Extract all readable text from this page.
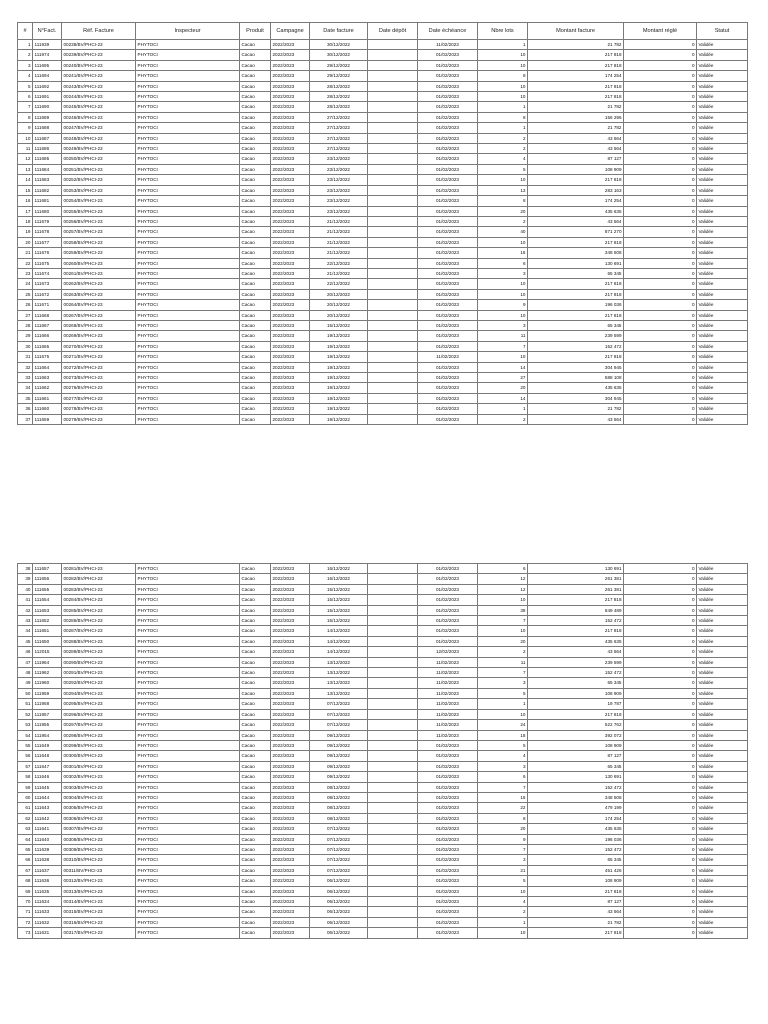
#	N°Fact.	Réf. Facture	Inspecteur	Produit	Campagne	Date facture	Date dépôt	Date échéance	Nbre lots	Montant facture	Montant réglé	Statut
1	111939	00238/BV/PHCI-23	PHYTOCI	Cacao	2022/2023	30/12/2022		11/02/2023	1	21 782	0	Validée
2	111974	00239/BV/PHCI-23	PHYTOCI	Cacao	2022/2023	30/12/2022		01/02/2023	10	217 818	0	Validée
3	111695	00240/BV/PHCI-23	PHYTOCI	Cacao	2022/2023	29/12/2022		01/02/2023	10	217 818	0	Validée
4	111694	00241/BV/PHCI-23	PHYTOCI	Cacao	2022/2023	29/12/2022		01/02/2023	8	174 254	0	Validée
5	111692	00243/BV/PHCI-23	PHYTOCI	Cacao	2022/2023	28/12/2022		01/02/2023	10	217 818	0	Validée
6	111691	00244/BV/PHCI-23	PHYTOCI	Cacao	2022/2023	28/12/2022		01/02/2023	10	217 818	0	Validée
7	111690	00245/BV/PHCI-23	PHYTOCI	Cacao	2022/2023	28/12/2022		01/02/2023	1	21 782	0	Validée
8	111689	00246/BV/PHCI-23	PHYTOCI	Cacao	2022/2023	27/12/2022		01/02/2023	8	156 296	0	Validée
9	111688	00247/BV/PHCI-23	PHYTOCI	Cacao	2022/2023	27/12/2022		01/02/2023	1	21 782	0	Validée
10	111687	00248/BV/PHCI-23	PHYTOCI	Cacao	2022/2023	27/12/2022		01/02/2023	2	43 564	0	Validée
11	111686	00249/BV/PHCI-23	PHYTOCI	Cacao	2022/2023	27/12/2022		01/02/2023	2	43 564	0	Validée
12	111685	00250/BV/PHCI-23	PHYTOCI	Cacao	2022/2023	23/12/2022		01/02/2023	4	87 127	0	Validée
13	111684	00251/BV/PHCI-23	PHYTOCI	Cacao	2022/2023	23/12/2022		01/02/2023	5	108 909	0	Validée
14	111683	00252/BV/PHCI-23	PHYTOCI	Cacao	2022/2023	23/12/2022		01/02/2023	10	217 818	0	Validée
15	111682	00253/BV/PHCI-23	PHYTOCI	Cacao	2022/2023	23/12/2022		01/02/2023	13	283 163	0	Validée
16	111681	00254/BV/PHCI-23	PHYTOCI	Cacao	2022/2023	23/12/2022		01/02/2023	8	174 254	0	Validée
17	111680	00255/BV/PHCI-23	PHYTOCI	Cacao	2022/2023	23/12/2022		01/02/2023	20	435 635	0	Validée
18	111679	00256/BV/PHCI-23	PHYTOCI	Cacao	2022/2023	21/12/2022		01/02/2023	2	43 564	0	Validée
19	111678	00257/BV/PHCI-23	PHYTOCI	Cacao	2022/2023	21/12/2022		01/02/2023	40	871 270	0	Validée
20	111677	00258/BV/PHCI-23	PHYTOCI	Cacao	2022/2023	21/12/2022		01/02/2023	10	217 818	0	Validée
21	111676	00259/BV/PHCI-23	PHYTOCI	Cacao	2022/2023	21/12/2022		01/02/2023	16	348 508	0	Validée
22	111675	00260/BV/PHCI-23	PHYTOCI	Cacao	2022/2023	22/12/2022		01/02/2023	6	130 691	0	Validée
23	111674	00261/BV/PHCI-23	PHYTOCI	Cacao	2022/2023	21/12/2022		01/02/2023	3	65 345	0	Validée
24	111673	00262/BV/PHCI-23	PHYTOCI	Cacao	2022/2023	22/12/2022		01/02/2023	10	217 818	0	Validée
25	111672	00263/BV/PHCI-23	PHYTOCI	Cacao	2022/2023	20/12/2022		01/02/2023	10	217 818	0	Validée
26	111671	00264/BV/PHCI-23	PHYTOCI	Cacao	2022/2023	20/12/2022		01/02/2023	9	196 036	0	Validée
27	111668	00267/BV/PHCI-23	PHYTOCI	Cacao	2022/2023	20/12/2022		01/02/2023	10	217 818	0	Validée
28	111667	00268/BV/PHCI-23	PHYTOCI	Cacao	2022/2023	15/12/2022		01/02/2023	3	65 345	0	Validée
29	111666	00269/BV/PHCI-23	PHYTOCI	Cacao	2022/2023	19/12/2022		01/02/2023	11	239 599	0	Validée
30	111665	00270/BV/PHCI-23	PHYTOCI	Cacao	2022/2023	19/12/2022		01/02/2023	7	152 472	0	Validée
31	111675	00271/BV/PHCI-23	PHYTOCI	Cacao	2022/2023	19/12/2022		11/02/2023	10	217 818	0	Validée
32	111664	00272/BV/PHCI-23	PHYTOCI	Cacao	2022/2023	19/12/2022		01/02/2023	14	304 945	0	Validée
33	111663	00273/BV/PHCI-23	PHYTOCI	Cacao	2022/2023	19/12/2022		01/02/2023	27	588 108	0	Validée
34	111662	00276/BV/PHCI-23	PHYTOCI	Cacao	2022/2023	19/12/2022		01/02/2023	20	435 635	0	Validée
35	111661	00277/BV/PHCI-23	PHYTOCI	Cacao	2022/2023	19/12/2022		01/02/2023	14	304 945	0	Validée
36	111660	00278/BV/PHCI-23	PHYTOCI	Cacao	2022/2023	19/12/2022		01/02/2023	1	21 782	0	Validée
37	111659	00279/BV/PHCI-23	PHYTOCI	Cacao	2022/2023	19/12/2022		01/02/2023	2	43 564	0	Validée
38	111657	00281/BV/PHCI-23	PHYTOCI	Cacao	2022/2023	16/12/2022		01/02/2023	6	130 691	0	Validée
39	111656	00282/BV/PHCI-23	PHYTOCI	Cacao	2022/2023	16/12/2022		01/02/2023	12	261 381	0	Validée
40	111655	00283/BV/PHCI-23	PHYTOCI	Cacao	2022/2023	15/12/2022		01/02/2023	12	261 381	0	Validée
41	111654	00284/BV/PHCI-23	PHYTOCI	Cacao	2022/2023	15/12/2022		01/02/2023	10	217 818	0	Validée
42	111653	00285/BV/PHCI-23	PHYTOCI	Cacao	2022/2023	15/12/2022		01/02/2023	39	849 489	0	Validée
43	111652	00286/BV/PHCI-23	PHYTOCI	Cacao	2022/2023	15/12/2022		01/02/2023	7	152 472	0	Validée
44	111651	00287/BV/PHCI-23	PHYTOCI	Cacao	2022/2023	14/12/2022		01/02/2023	10	217 818	0	Validée
45	111650	00288/BV/PHCI-23	PHYTOCI	Cacao	2022/2023	14/12/2022		01/02/2023	20	435 635	0	Validée
46	112015	00289/BV/PHCI-23	PHYTOCI	Cacao	2022/2023	14/12/2022		12/02/2023	2	43 564	0	Validée
47	111964	00290/BV/PHCI-23	PHYTOCI	Cacao	2022/2023	13/12/2022		11/02/2023	11	239 599	0	Validée
48	111962	00291/BV/PHCI-23	PHYTOCI	Cacao	2022/2023	13/12/2022		11/02/2023	7	152 472	0	Validée
49	111960	00292/BV/PHCI-23	PHYTOCI	Cacao	2022/2023	13/12/2022		11/02/2023	3	65 345	0	Validée
50	111959	00294/BV/PHCI-23	PHYTOCI	Cacao	2022/2023	13/12/2022		11/02/2023	5	108 909	0	Validée
51	111958	00295/BV/PHCI-23	PHYTOCI	Cacao	2022/2023	07/12/2022		11/02/2023	1	19 787	0	Validée
52	111957	00296/BV/PHCI-23	PHYTOCI	Cacao	2022/2023	07/12/2022		11/02/2023	10	217 818	0	Validée
53	111955	00297/BV/PHCI-23	PHYTOCI	Cacao	2022/2023	07/12/2022		11/02/2023	24	522 762	0	Validée
54	111954	00298/BV/PHCI-23	PHYTOCI	Cacao	2022/2023	09/12/2022		11/02/2023	18	392 072	0	Validée
55	111649	00299/BV/PHCI-23	PHYTOCI	Cacao	2022/2023	09/12/2022		01/02/2023	5	108 909	0	Validée
56	111648	00300/BV/PHCI-23	PHYTOCI	Cacao	2022/2023	09/12/2022		01/02/2023	4	87 127	0	Validée
57	111647	00301/BV/PHCI-23	PHYTOCI	Cacao	2022/2023	09/12/2022		01/02/2023	3	65 345	0	Validée
58	111646	00302/BV/PHCI-23	PHYTOCI	Cacao	2022/2023	09/12/2022		01/02/2023	6	130 691	0	Validée
59	111645	00303/BV/PHCI-23	PHYTOCI	Cacao	2022/2023	08/12/2022		01/02/2023	7	152 472	0	Validée
60	111644	00304/BV/PHCI-23	PHYTOCI	Cacao	2022/2023	08/12/2022		01/02/2023	16	348 508	0	Validée
61	111643	00305/BV/PHCI-23	PHYTOCI	Cacao	2022/2023	08/12/2022		01/02/2023	22	479 199	0	Validée
62	111642	00306/BV/PHCI-23	PHYTOCI	Cacao	2022/2023	08/12/2022		01/02/2023	8	174 254	0	Validée
63	111641	00307/BV/PHCI-23	PHYTOCI	Cacao	2022/2023	07/12/2022		01/02/2023	20	435 635	0	Validée
64	111640	00308/BV/PHCI-23	PHYTOCI	Cacao	2022/2023	07/12/2022		01/02/2023	9	196 036	0	Validée
65	111639	00309/BV/PHCI-23	PHYTOCI	Cacao	2022/2023	07/12/2022		01/02/2023	7	152 472	0	Validée
66	111638	00310/BV/PHCI-23	PHYTOCI	Cacao	2022/2023	07/12/2022		01/02/2023	3	65 345	0	Validée
67	111637	00311/BV/PHCI-23	PHYTOCI	Cacao	2022/2023	07/12/2022		01/02/2023	21	451 426	0	Validée
68	111636	00312/BV/PHCI-23	PHYTOCI	Cacao	2022/2023	06/12/2022		01/02/2023	5	108 909	0	Validée
69	111635	00313/BV/PHCI-23	PHYTOCI	Cacao	2022/2023	06/12/2022		01/02/2023	10	217 818	0	Validée
70	111634	00314/BV/PHCI-23	PHYTOCI	Cacao	2022/2023	06/12/2022		01/02/2023	4	87 127	0	Validée
71	111633	00315/BV/PHCI-23	PHYTOCI	Cacao	2022/2023	06/12/2022		01/02/2023	2	43 564	0	Validée
72	111632	00316/BV/PHCI-23	PHYTOCI	Cacao	2022/2023	06/12/2022		01/02/2023	1	21 782	0	Validée
73	111631	00317/BV/PHCI-23	PHYTOCI	Cacao	2022/2023	06/12/2022		01/02/2023	10	217 818	0	Validée
